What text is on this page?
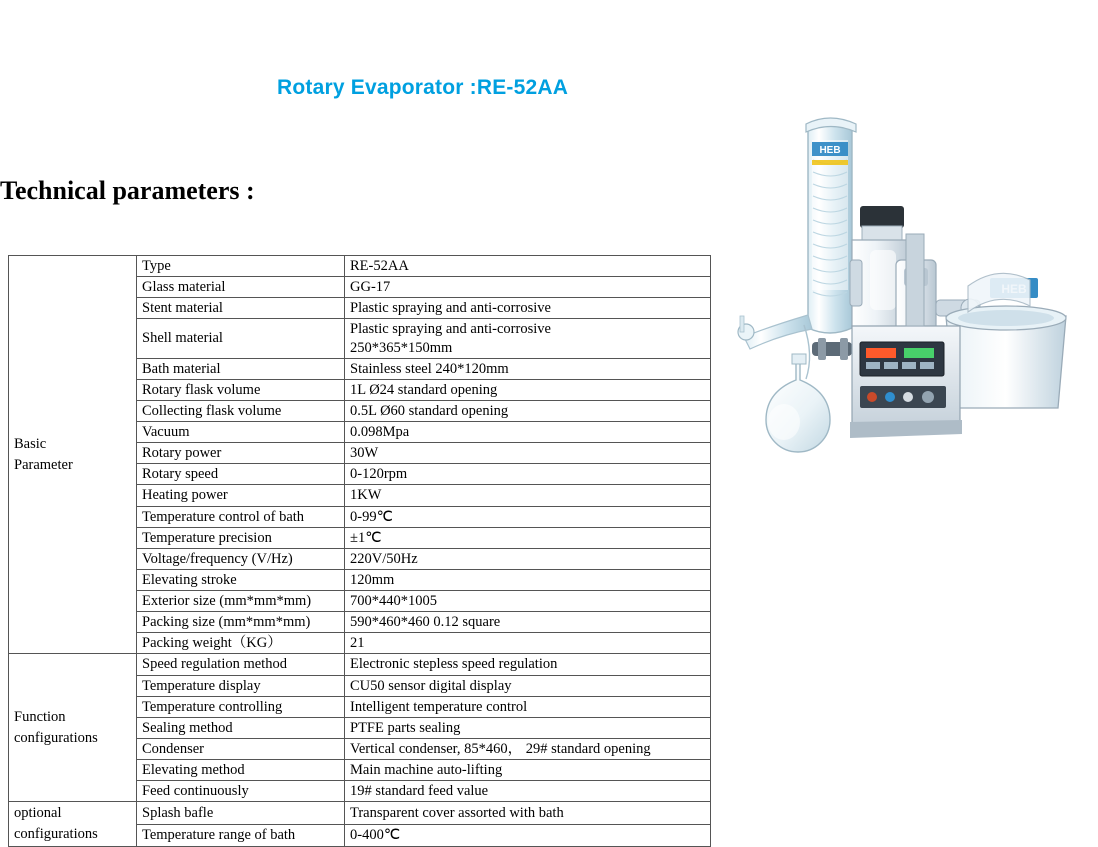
Rotary Evaporator :RE-52AA
Technical parameters :
Basic
Parameter	Type	RE-52AA
	Glass material	GG-17
	Stent material	Plastic spraying and anti-corrosive
	Shell material	Plastic spraying and anti-corrosive
250*365*150mm
	Bath material	Stainless steel 240*120mm
	Rotary flask volume	1L Ø24 standard opening
	Collecting flask volume	0.5L Ø60 standard opening
	Vacuum	0.098Mpa
	Rotary power	30W
	Rotary speed	0-120rpm
	Heating power	1KW
	Temperature control of bath	0-99℃
	Temperature precision	±1℃
	Voltage/frequency (V/Hz)	220V/50Hz
	Elevating stroke	120mm
	Exterior size (mm*mm*mm)	700*440*1005
	Packing size (mm*mm*mm)	590*460*460 0.12 square
	Packing weight（KG）	21

Function
configurations	Speed regulation method	Electronic stepless speed regulation
	Temperature display	CU50 sensor digital display
	Temperature controlling	Intelligent temperature control
	Sealing method	PTFE parts sealing
	Condenser	Vertical condenser, 85*460， 29# standard opening
	Elevating method	Main machine auto-lifting
	Feed continuously	19# standard feed value

optional
configurations	Splash bafle	Transparent cover assorted with bath
	Temperature range of bath	0-400℃
HEB
